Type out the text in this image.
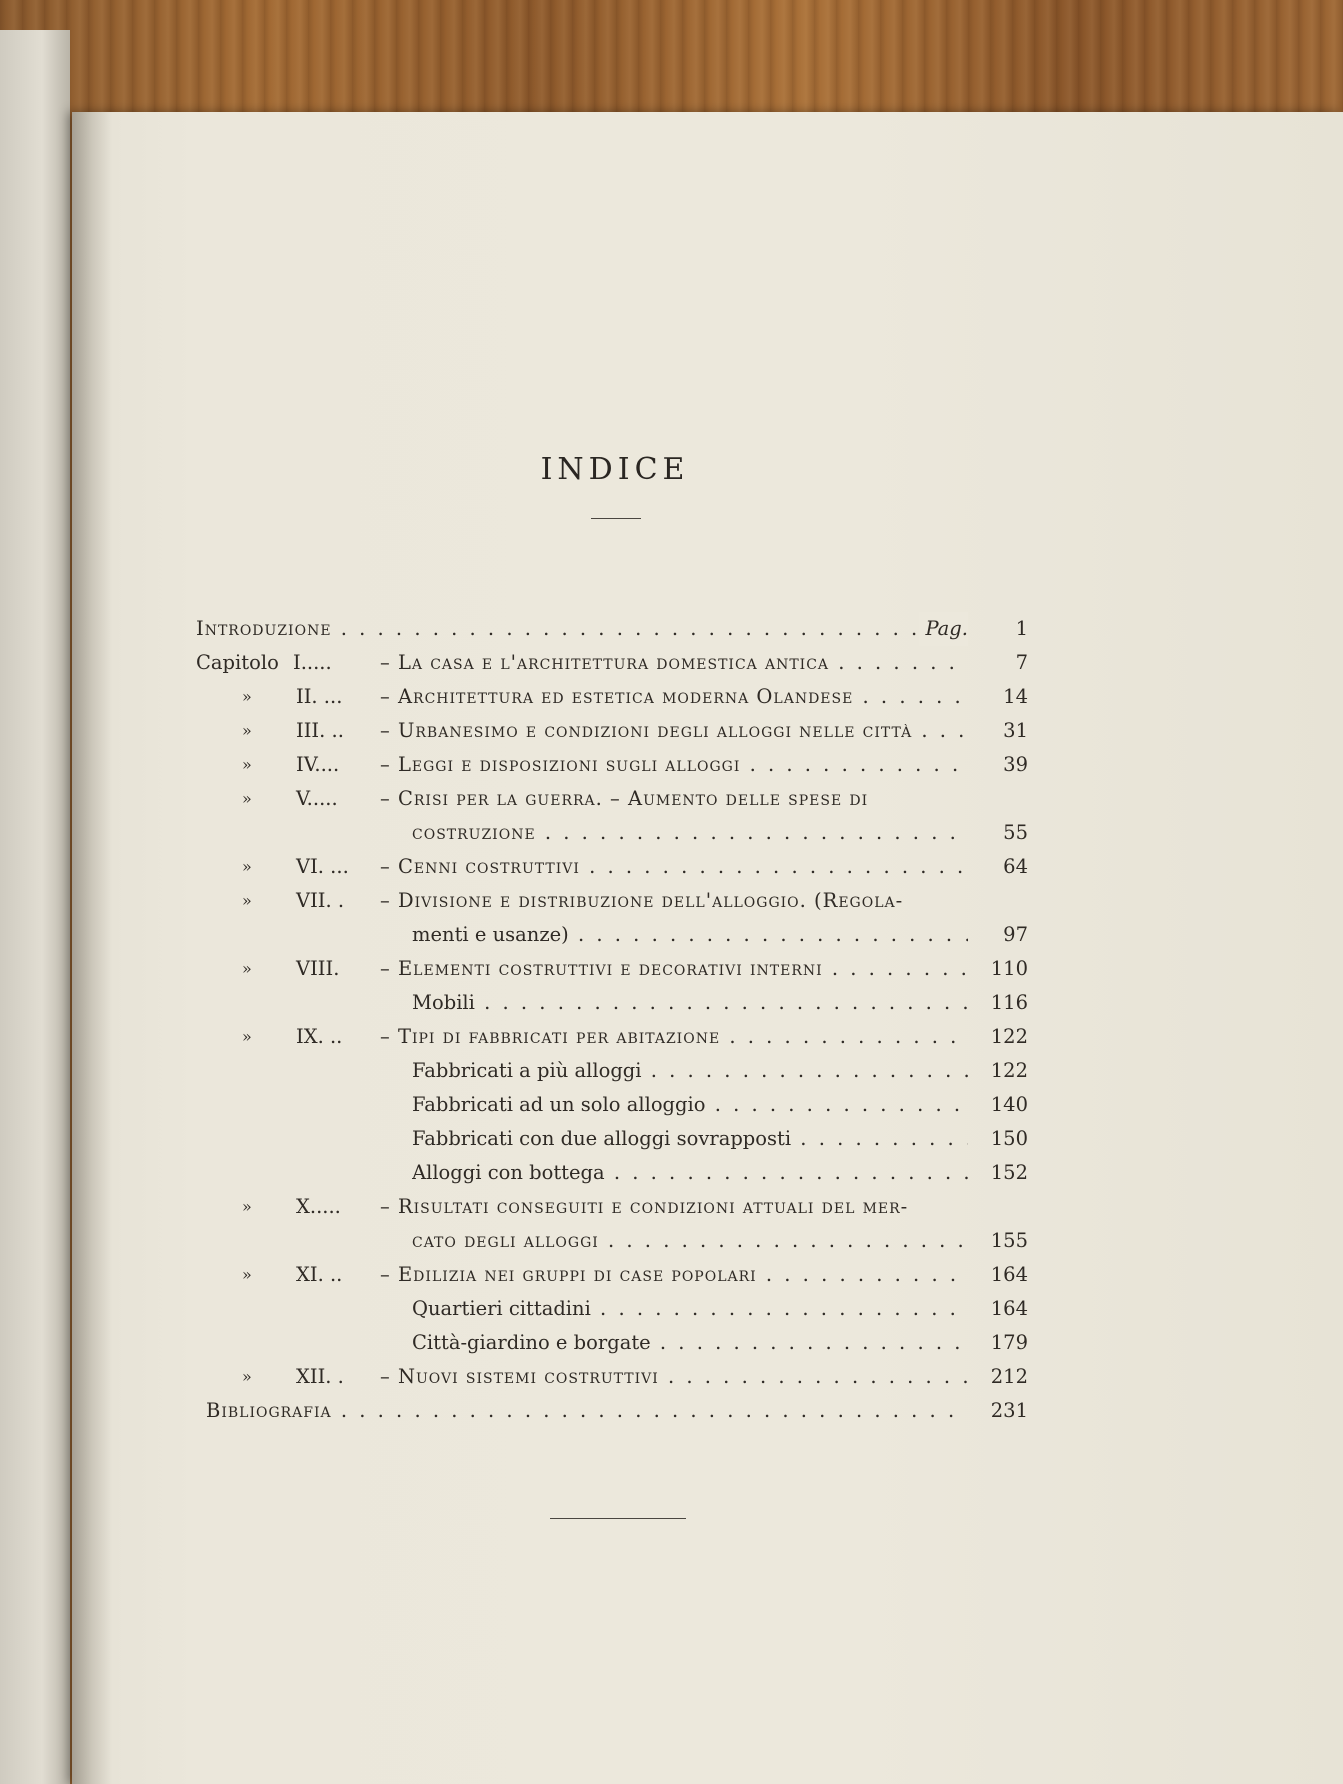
INDICE
Introduzione . . .	Pag.	1
Capitolo I..... – La casa e l'architettura domestica antica . . .	7
»	II. ... – Architettura ed estetica moderna Olandese . . .	14
»	III. .. – Urbanesimo e condizioni degli alloggi nelle città . . .	31
»	IV.... – Leggi e disposizioni sugli alloggi . . .	39
»	V..... – Crisi per la guerra. – Aumento delle spese di
costruzione . . .	55
»	VI. ... – Cenni costruttivi . . .	64
»	VII. . – Divisione e distribuzione dell'alloggio. (Regola-
menti e usanze) . . .	97
»	VIII. – Elementi costruttivi e decorativi interni . . .	110
Mobili . . .	116
»	IX. .. – Tipi di fabbricati per abitazione . . .	122
Fabbricati a più alloggi . . .	122
Fabbricati ad un solo alloggio . . .	140
Fabbricati con due alloggi sovrapposti . . .	150
Alloggi con bottega . . .	152
»	X..... – Risultati conseguiti e condizioni attuali del mer-
cato degli alloggi . . .	155
»	XI. .. – Edilizia nei gruppi di case popolari . . .	164
Quartieri cittadini . . .	164
Città-giardino e borgate . . .	179
»	XII. . – Nuovi sistemi costruttivi . . .	212
Bibliografia . . .	231
